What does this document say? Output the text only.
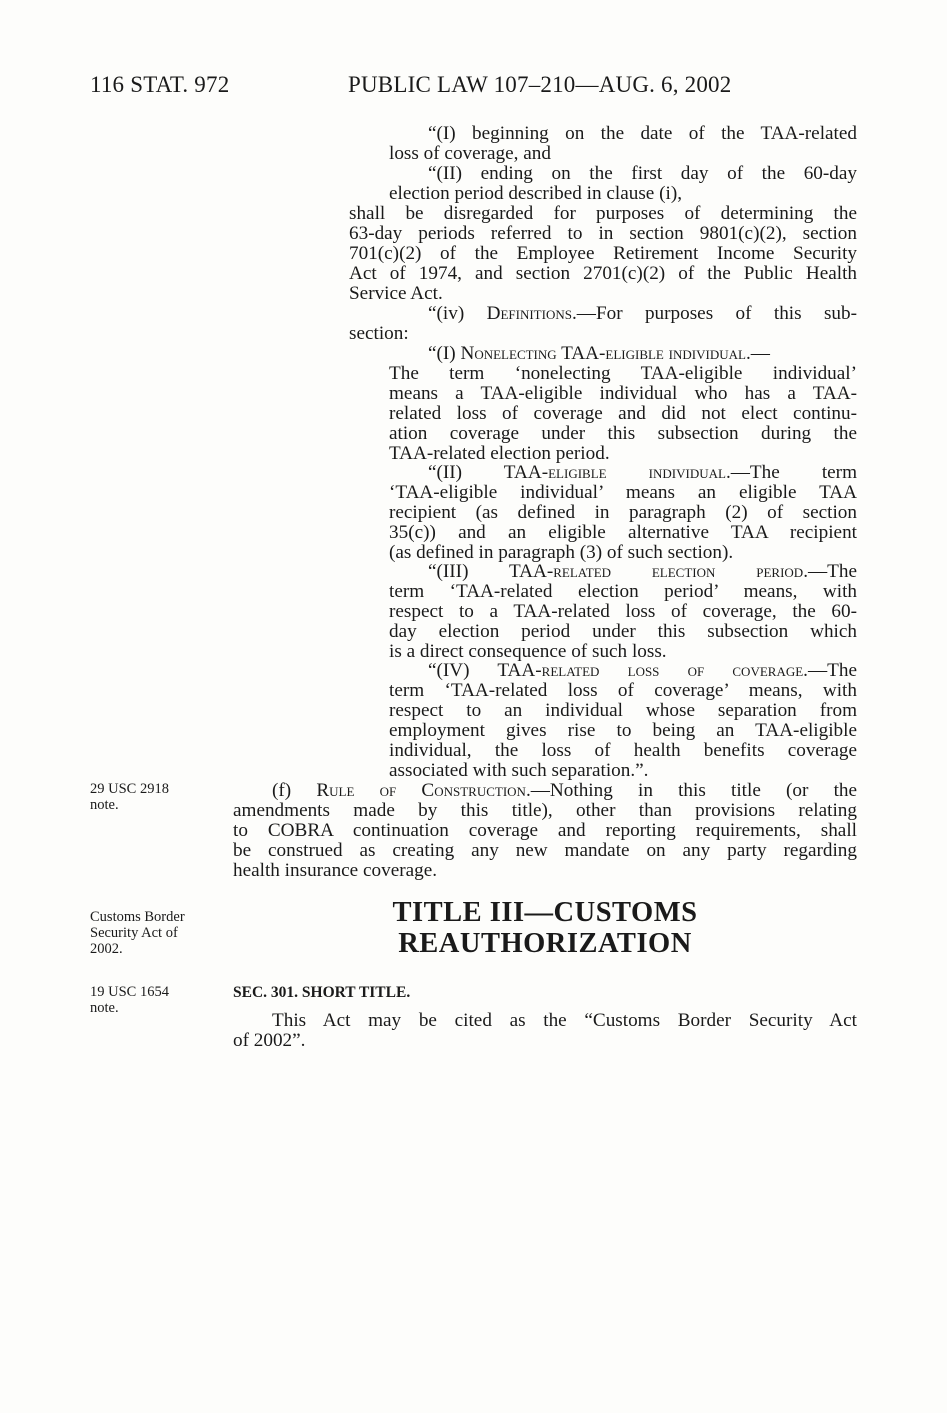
116 STAT. 972	PUBLIC LAW 107–210—AUG. 6, 2002
“(I) beginning on the date of the TAA-related
loss of coverage, and
“(II) ending on the first day of the 60-day
election period described in clause (i),
shall be disregarded for purposes of determining the
63-day periods referred to in section 9801(c)(2), section
701(c)(2) of the Employee Retirement Income Security
Act of 1974, and section 2701(c)(2) of the Public Health
Service Act.
“(iv) Definitions.—For purposes of this sub-
section:
“(I) Nonelecting TAA-eligible individual.—
The term ‘nonelecting TAA-eligible individual’
means a TAA-eligible individual who has a TAA-
related loss of coverage and did not elect continu-
ation coverage under this subsection during the
TAA-related election period.
“(II) TAA-eligible individual.—The term
‘TAA-eligible individual’ means an eligible TAA
recipient (as defined in paragraph (2) of section
35(c)) and an eligible alternative TAA recipient
(as defined in paragraph (3) of such section).
“(III) TAA-related election period.—The
term ‘TAA-related election period’ means, with
respect to a TAA-related loss of coverage, the 60-
day election period under this subsection which
is a direct consequence of such loss.
“(IV) TAA-related loss of coverage.—The
term ‘TAA-related loss of coverage’ means, with
respect to an individual whose separation from
employment gives rise to being an TAA-eligible
individual, the loss of health benefits coverage
associated with such separation.”.
29 USC 2918
note.
(f) Rule of Construction.—Nothing in this title (or the
amendments made by this title), other than provisions relating
to COBRA continuation coverage and reporting requirements, shall
be construed as creating any new mandate on any party regarding
health insurance coverage.
Customs Border
Security Act of
2002.
TITLE III—CUSTOMS
REAUTHORIZATION
19 USC 1654
note.
SEC. 301. SHORT TITLE.
This Act may be cited as the “Customs Border Security Act
of 2002”.
